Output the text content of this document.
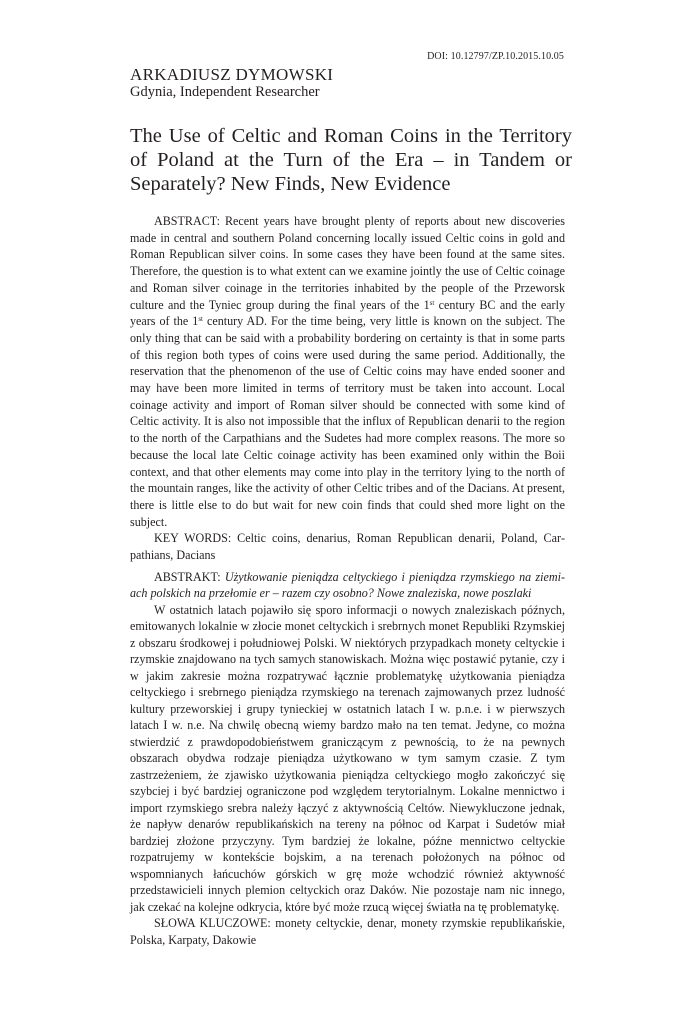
DOI: 10.12797/ZP.10.2015.10.05
ARKADIUSZ DYMOWSKI
Gdynia, Independent Researcher
The Use of Celtic and Roman Coins in the Territory of Poland at the Turn of the Era – in Tandem or Separately? New Finds, New Evidence

ABSTRACT: Recent years have brought plenty of reports about new discoveries made in central and southern Poland concerning locally issued Celtic coins in gold and Roman Republican silver coins. In some cases they have been found at the same sites. Therefore, the question is to what extent can we examine jointly the use of Celtic coinage and Roman silver coinage in the territories inhabited by the people of the Przeworsk culture and the Tyniec group during the final years of the 1st century BC and the early years of the 1st century AD. For the time being, very little is known on the subject. The only thing that can be said with a probability bordering on certainty is that in some parts of this region both types of coins were used during the same period. Additionally, the reservation that the phenomenon of the use of Celtic coins may have ended sooner and may have been more limited in terms of territory must be taken into account. Local coinage activity and import of Roman silver should be connected with some kind of Celtic activity. It is also not impossible that the influx of Republican denarii to the region to the north of the Carpathians and the Sudetes had more complex reasons. The more so because the local late Celtic coinage activity has been examined only within the Boii context, and that other elements may come into play in the territory lying to the north of the mountain ranges, like the activity of other Celtic tribes and of the Dacians. At present, there is little else to do but wait for new coin finds that could shed more light on the subject.

KEY WORDS: Celtic coins, denarius, Roman Republican denarii, Poland, Carpathians, Dacians

ABSTRAKT: Użytkowanie pieniądza celtyckiego i pieniądza rzymskiego na ziemiach polskich na przełomie er – razem czy osobno? Nowe znaleziska, nowe poszlaki

W ostatnich latach pojawiło się sporo informacji o nowych znaleziskach późnych, emitowanych lokalnie w złocie monet celtyckich i srebrnych monet Republiki Rzymskiej z obszaru środkowej i południowej Polski. W niektórych przypadkach monety celtyckie i rzymskie znajdowano na tych samych stanowiskach. Można więc postawić pytanie, czy i w jakim zakresie można rozpatrywać łącznie problematykę użytkowania pieniądza celtyckiego i srebrnego pieniądza rzymskiego na terenach zajmowanych przez ludność kultury przeworskiej i grupy tynieckiej w ostatnich latach I w. p.n.e. i w pierwszych latach I w. n.e. Na chwilę obecną wiemy bardzo mało na ten temat. Jedyne, co można stwierdzić z prawdopodobieństwem graniczącym z pewnością, to że na pewnych obszarach obydwa rodzaje pieniądza użytkowano w tym samym czasie. Z tym zastrzeżeniem, że zjawisko użytkowania pieniądza celtyckiego mogło zakończyć się szybciej i być bardziej ograniczone pod względem terytorialnym. Lokalne mennictwo i import rzymskiego srebra należy łączyć z aktywnością Celtów. Niewykluczone jednak, że napływ denarów republikańskich na tereny na północ od Karpat i Sudetów miał bardziej złożone przyczyny. Tym bardziej że lokalne, późne mennictwo celtyckie rozpatrujemy w kontekście bojskim, a na terenach położonych na północ od wspomnianych łańcuchów górskich w grę może wchodzić również aktywność przedstawicieli innych plemion celtyckich oraz Daków. Nie pozostaje nam nic innego, jak czekać na kolejne odkrycia, które być może rzucą więcej światła na tę problematykę.

SŁOWA KLUCZOWE: monety celtyckie, denar, monety rzymskie republikańskie, Polska, Karpaty, Dakowie
